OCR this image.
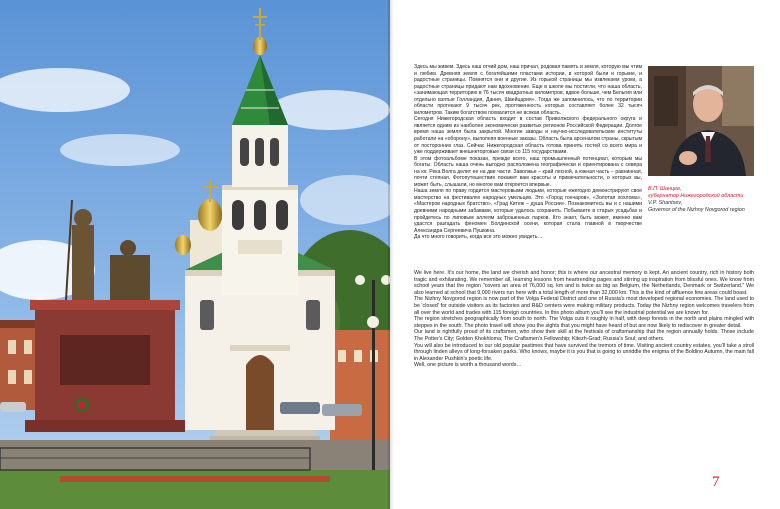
Здесь мы живем. Здесь наш отчий дом, наш причал, родовая память и земля, которую мы чтим и любим. Древняя земля с богатейшими пластами истории, в которой были и горькие, и радостные страницы. Помнятся они и другие. Из горькой страницы мы извлекаем уроки, а радостные страницы придают нам вдохновение. Еще в школе мы постигли, что наша область, «занимающая территорию в 76 тысяч квадратных километров, вдвое больше, чем Бельгия или отдельно взятые Голландия, Дания, Швейцария». Тогда же запомнилось, что по территории области протекают 9 тысяч рек, протяженность которых составляет более 32 тысяч километров. Таким богатством похвалится не всякая область.

Сегодня Нижегородская область входит в состав Приволжского федерального округа и является одним из наиболее экономически развитых регионов Российской Федерации. Долгое время наша земля была закрытой. Многие заводы и научно-исследовательские институты работали на «оборону», выполняя военные заказы. Область была арсеналом страны, скрытым от посторонних глаз. Сейчас Нижегородская область готова принять гостей со всего мира и уже поддерживает внешнеторговые связи со 115 государствами.

В этом фотоальбоме показан, прежде всего, наш промышленный потенциал, которым мы богаты. Область наша очень выгодно расположена географически и ориентирована с севера на юг. Река Волга делит ее на две части. Заволжье – край лесной, а южная часть – равнинная, почти степная. Фотопутешествие покажет вам красоты и примечательности, о которых вы, может быть, слышали, но многое вам откроется впервые.

Наша земля по праву гордится мастеровыми людьми, которые ежегодно демонстрируют свое мастерство на фестивалях народных умельцев. Это «Город гончаров», «Золотая хохлома», «Мастеров народных братство», «Град Китеж – душа России». Познакомитесь вы и с нашими древними народными забавами, которые удалось сохранить. Побываете в старых усадьбах и пройдетесь по липовым аллеям заброшенных парков. Кто знает, быть может, именно вам удастся разгадать феномен Болдинской осени, которая стала главной в творчестве Александра Сергеевича Пушкина.

Да что много говорить, когда все это можно увидеть…

В.П. Шанцев,
губернатор Нижегородской области
V.P. Shantsev,
Governor of the Nizhny Novgorod region

We live here. It's our home, the land we cherish and honor; this is where our ancestral memory is kept. An ancient country, rich in history both tragic and exhilarating. We remember all, learning lessons from heartrending pages and stirring up inspiration from blissful ones. We know from school years that the region "covers an area of 76,000 sq. km and is twice as big as Belgium, the Netherlands, Denmark or Switzerland." We also learned at school that 9,000 rivers run here with a total length of more than 32,000 km. This is the kind of affluence few areas could boast.

The Nizhny Novgorod region is now part of the Volga Federal District and one of Russia's most developed regional economies. The land used to be 'closed' for outside visitors as its factories and R&D centers were making military products. Today the Nizhny region welcomes travelers from all over the world and trades with 115 foreign countries. In this photo album you'll see the industrial potential we are known for.

The region stretches geographically from south to north. The Volga cuts it roughly in half, with deep forests in the north and plains mingled with steppes in the south. The photo travel will show you the sights that you might have heard of but are now likely to rediscover in greater detail.

Our land is rightfully proud of its craftsmen, who show their skill at the festivals of craftsmanship that the region annually holds. Those include The Potter's City; Golden Khokhloma; The Craftsmen's Fellowship; Kitezh-Grad; Russia's Soul; and others.

You will also be introduced to our old popular pastimes that have survived the tremors of time. Visiting ancient country estates, you'll take a stroll through linden alleys of long-forsaken parks. Who knows, maybe it is you that is going to unriddle the enigma of the Boldino Autumn, the main fall in Alexander Pushkin's poetic life.

Well, one picture is worth a thousand words…

7
